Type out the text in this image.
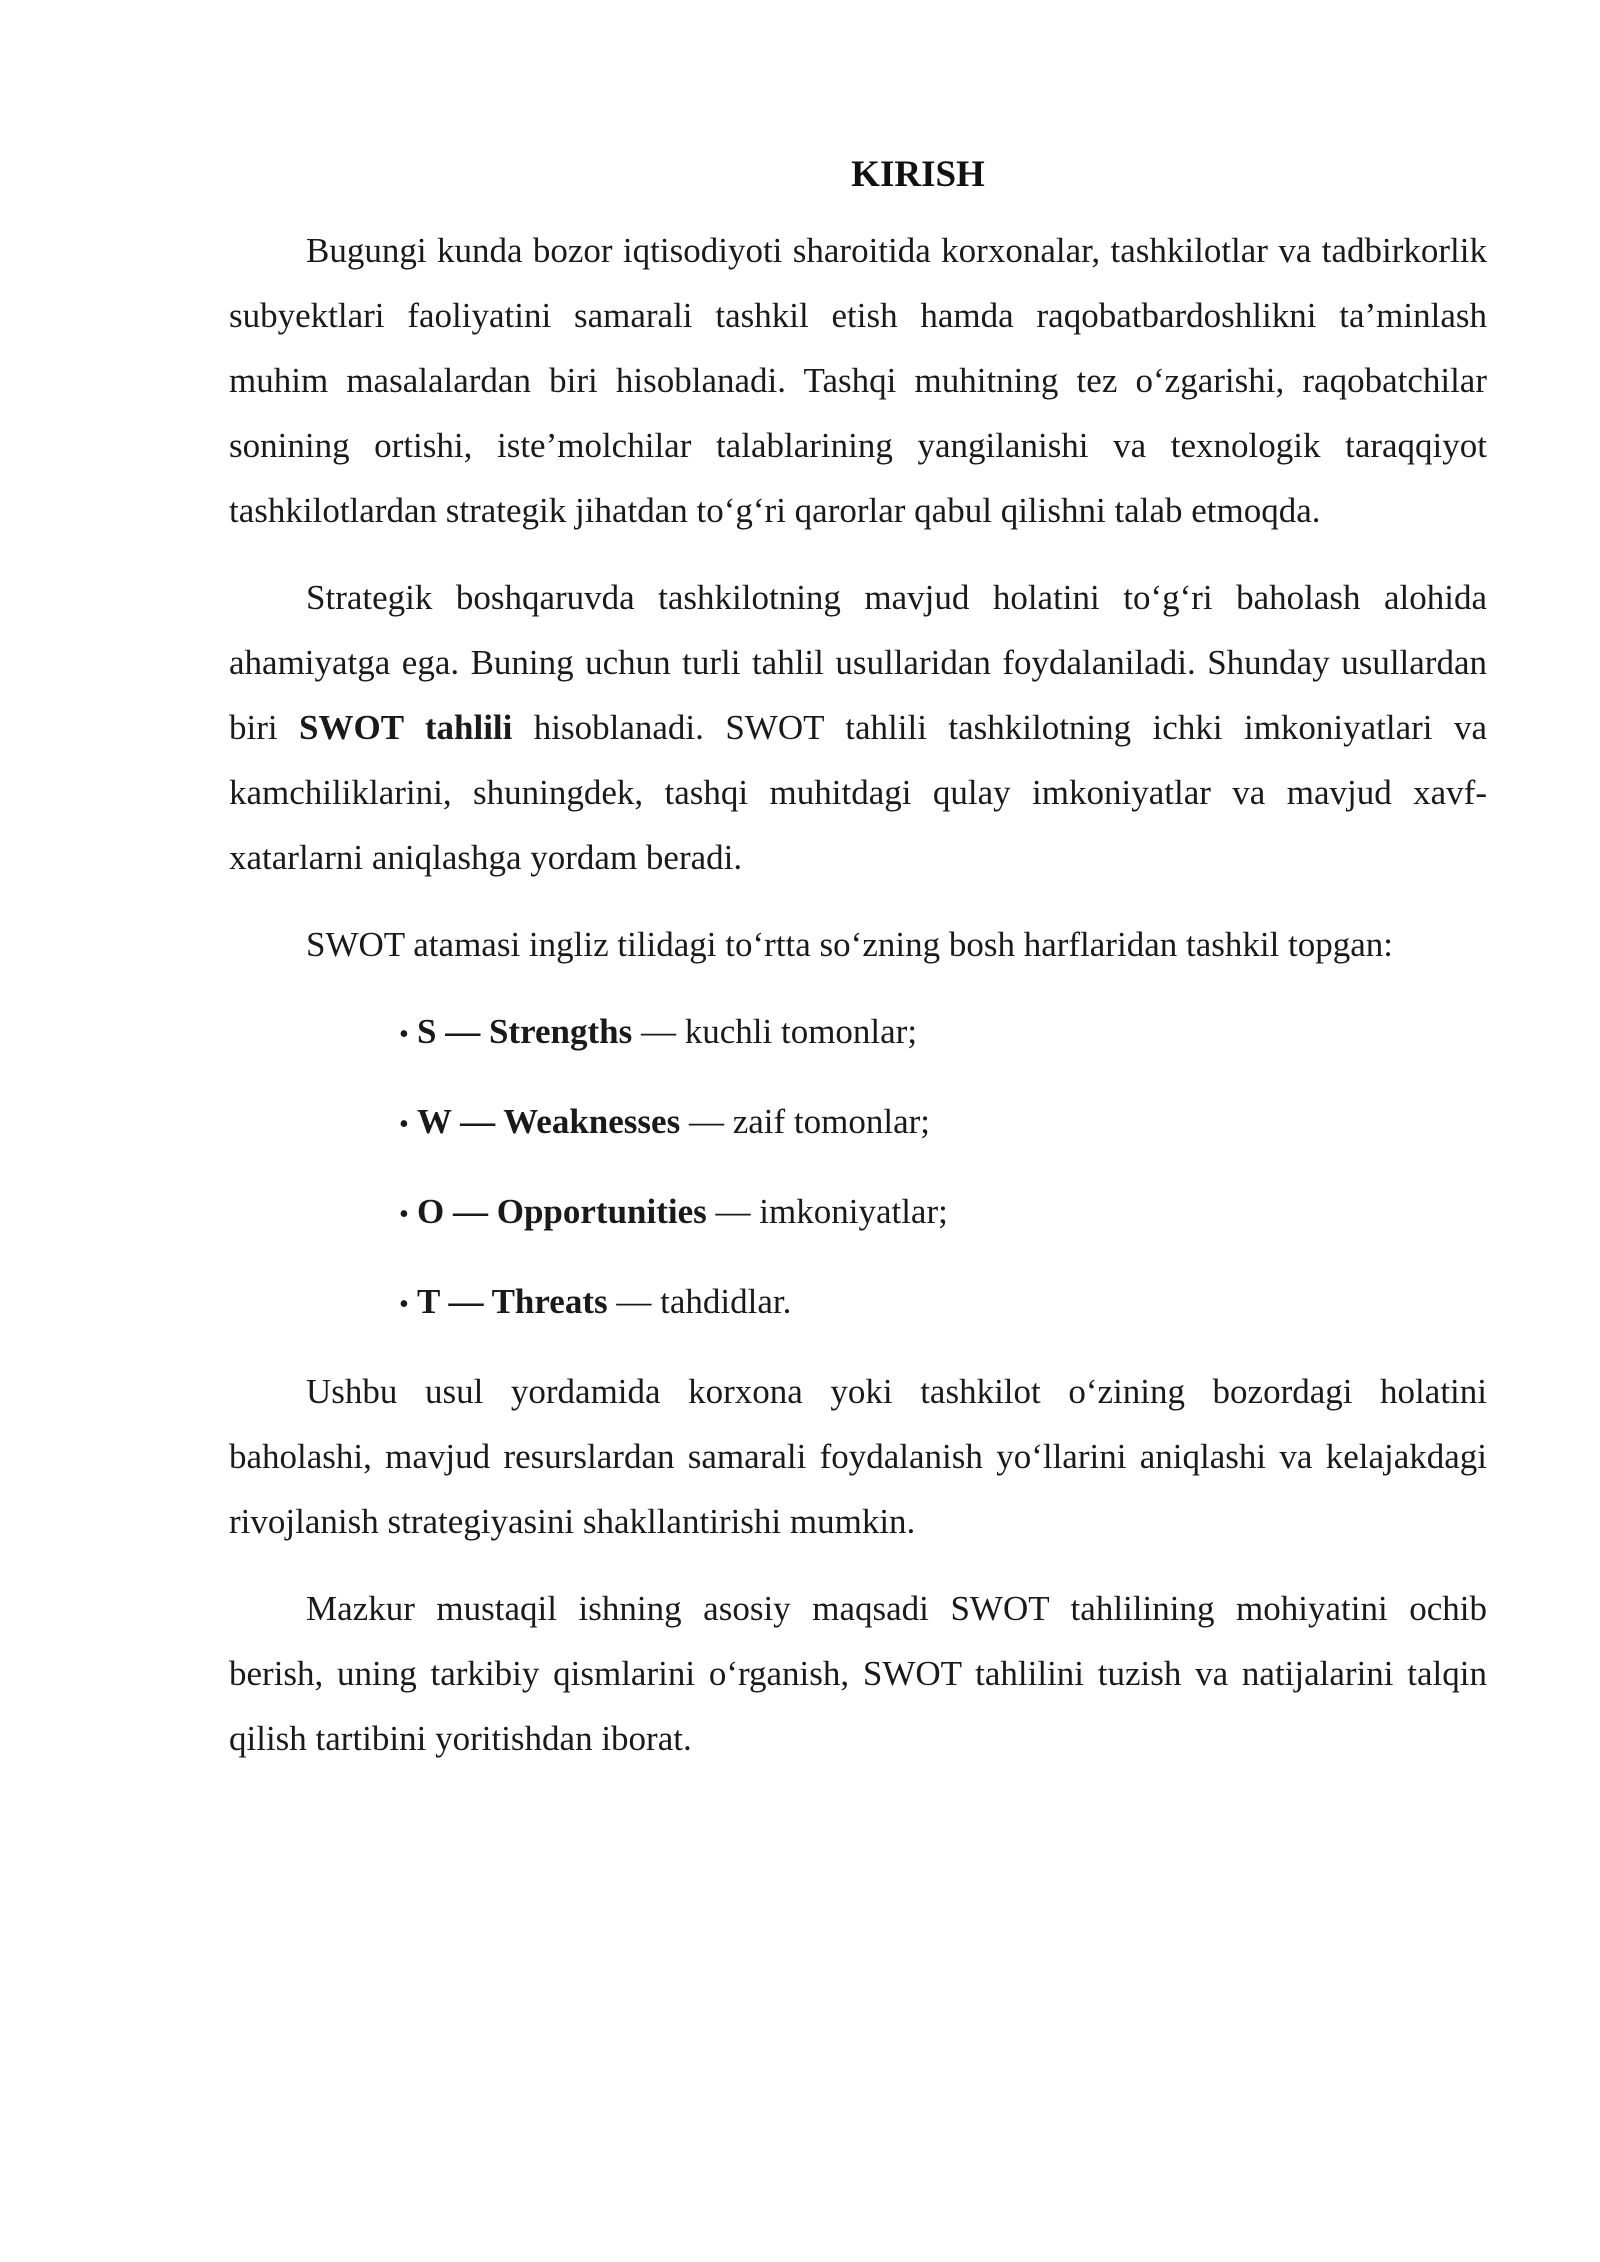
KIRISH

Bugungi kunda bozor iqtisodiyoti sharoitida korxonalar, tashkilotlar va tadbirkorlik subyektlari faoliyatini samarali tashkil etish hamda raqobatbardoshlikni ta’minlash muhim masalalardan biri hisoblanadi. Tashqi muhitning tez o‘zgarishi, raqobatchilar sonining ortishi, iste’molchilar talablarining yangilanishi va texnologik taraqqiyot tashkilotlardan strategik jihatdan to‘g‘ri qarorlar qabul qilishni talab etmoqda.

Strategik boshqaruvda tashkilotning mavjud holatini to‘g‘ri baholash alohida ahamiyatga ega. Buning uchun turli tahlil usullaridan foydalaniladi. Shunday usullardan biri SWOT tahlili hisoblanadi. SWOT tahlili tashkilotning ichki imkoniyatlari va kamchiliklarini, shuningdek, tashqi muhitdagi qulay imkoniyatlar va mavjud xavf-xatarlarni aniqlashga yordam beradi.

SWOT atamasi ingliz tilidagi to‘rtta so‘zning bosh harflaridan tashkil topgan:

• S — Strengths — kuchli tomonlar;
• W — Weaknesses — zaif tomonlar;
• O — Opportunities — imkoniyatlar;
• T — Threats — tahdidlar.

Ushbu usul yordamida korxona yoki tashkilot o‘zining bozordagi holatini baholashi, mavjud resurslardan samarali foydalanish yo‘llarini aniqlashi va kelajakdagi rivojlanish strategiyasini shakllantirishi mumkin.

Mazkur mustaqil ishning asosiy maqsadi SWOT tahlilining mohiyatini ochib berish, uning tarkibiy qismlarini o‘rganish, SWOT tahlilini tuzish va natijalarini talqin qilish tartibini yoritishdan iborat.
